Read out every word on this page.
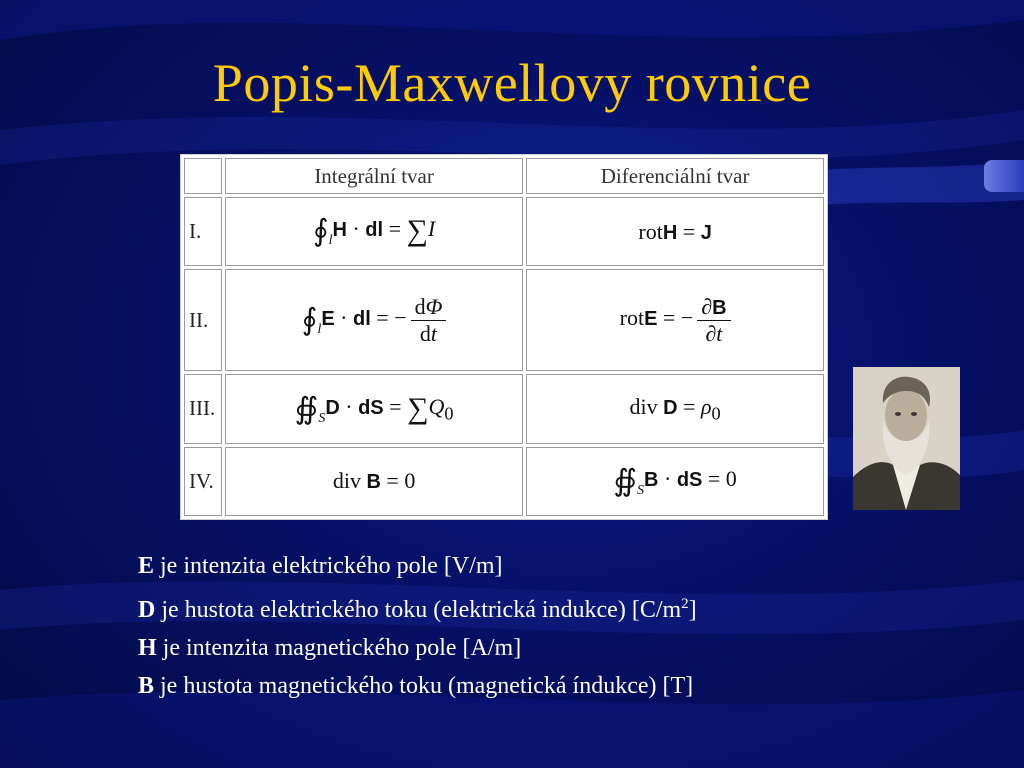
Popis-Maxwellovy rovnice
	Integrální tvar	Diferenciální tvar
I.	$∮_lH$ · dl = ∑I	rotH = J
II.	$∮_lE$ · dl = − $\frac{d\Phi}{dt}$	rotE = − $\frac{\partial B}{\partial t}$

III.	$∯_SD$ · dS = $\sum Q_0$	div $D = \rho_0$
IV.	div B = 0	$∯_SB$ · dS = 0
E je intenzita elektrického pole [V/m]
D je hustota elektrického toku (elektrická indukce) $[C/m^2]$
H je intenzita magnetického pole [A/m]
B je hustota magnetického toku (magnetická índukce) [T]
